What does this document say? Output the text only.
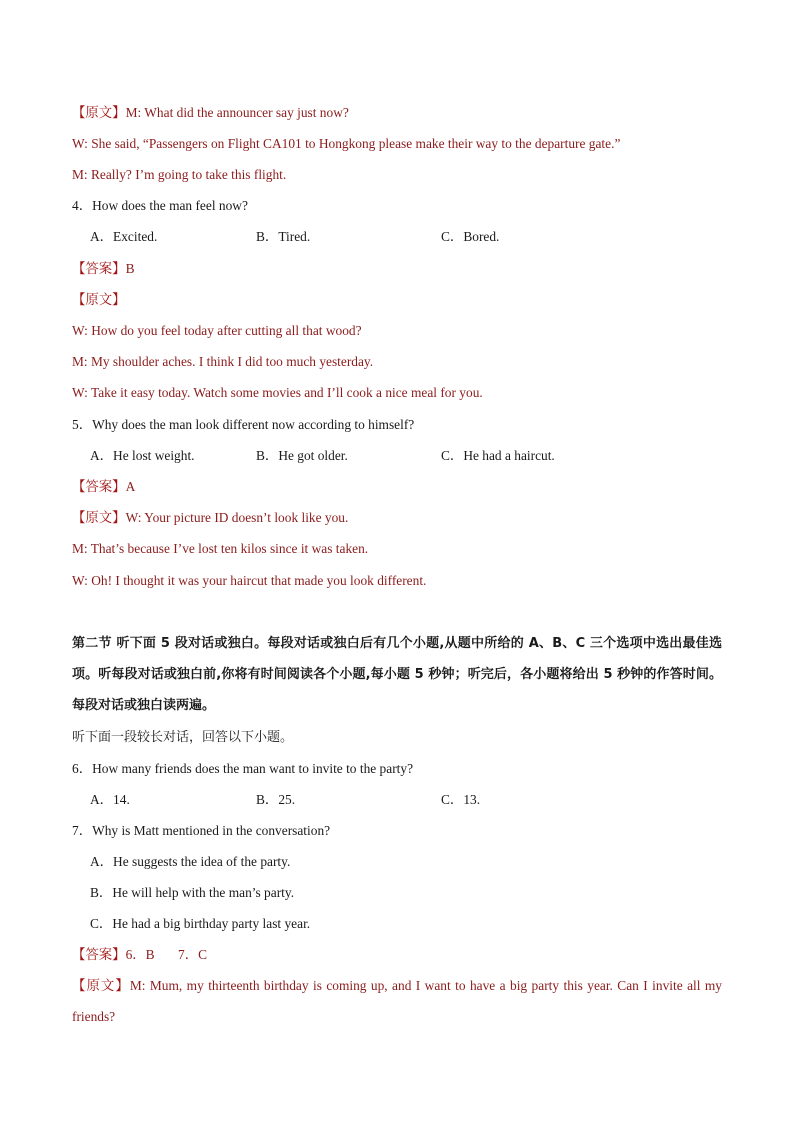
【原文】M: What did the announcer say just now?
W: She said, “Passengers on Flight CA101 to Hongkong please make their way to the departure gate.”
M: Really? I’m going to take this flight.
4．How does the man feel now?
A．Excited.	B．Tired.	C．Bored.
【答案】B
【原文】
W: How do you feel today after cutting all that wood?
M: My shoulder aches. I think I did too much yesterday.
W: Take it easy today. Watch some movies and I’ll cook a nice meal for you.
5．Why does the man look different now according to himself?
A．He lost weight.	B．He got older.	C．He had a haircut.
【答案】A
【原文】W: Your picture ID doesn’t look like you.
M: That’s because I’ve lost ten kilos since it was taken.
W: Oh! I thought it was your haircut that made you look different.
第二节 听下面 5 段对话或独白。每段对话或独白后有几个小题,从题中所给的 A、B、C 三个选项中选出最佳选项。听每段对话或独白前,你将有时间阅读各个小题,每小题 5 秒钟；听完后，各小题将给出 5 秒钟的作答时间。每段对话或独白读两遍。
听下面一段较长对话，回答以下小题。
6．How many friends does the man want to invite to the party?
A．14.	B．25.	C．13.
7．Why is Matt mentioned in the conversation?
A．He suggests the idea of the party.
B．He will help with the man’s party.
C．He had a big birthday party last year.
【答案】6．B       7．C
【原文】M: Mum, my thirteenth birthday is coming up, and I want to have a big party this year. Can I invite all my friends?
